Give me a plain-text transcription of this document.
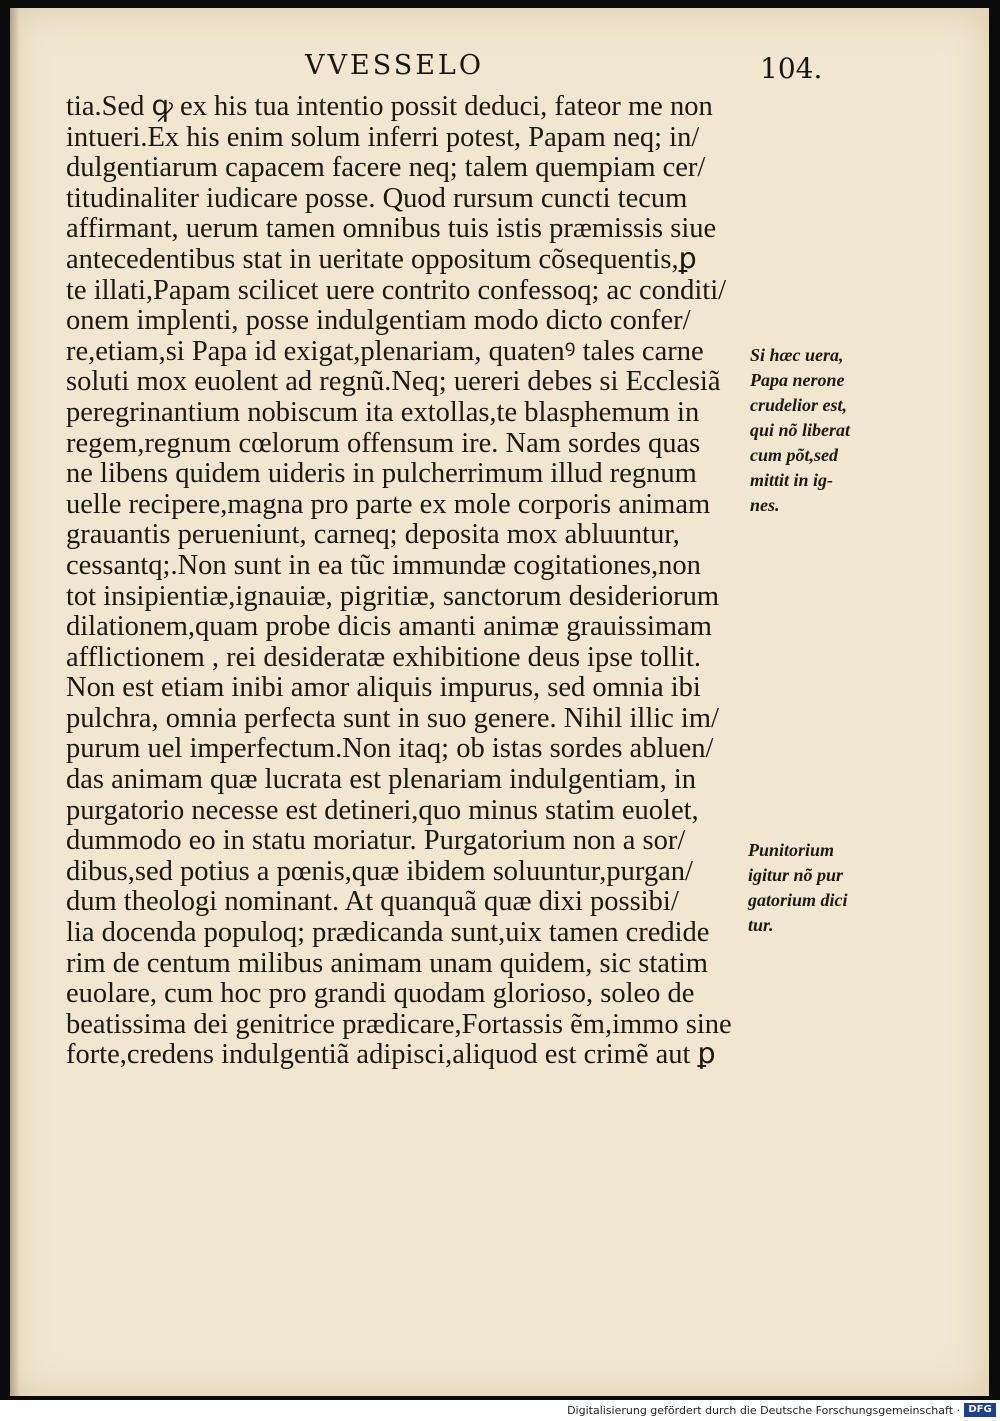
VVESSELO	104.
tia.Sed ꝙ ex his tua intentio possit deduci, fateor me non
intueri.Ex his enim solum inferri potest, Papam neq; in/
dulgentiarum capacem facere neq; talem quempiam cer/
titudinaliter iudicare posse. Quod rursum cuncti tecum
affirmant, uerum tamen omnibus tuis istis præmissis siue
antecedentibus stat in ueritate oppositum cõsequentis,ꝑ
te illati,Papam scilicet uere contrito confessoq; ac conditi/
onem implenti, posse indulgentiam modo dicto confer/
re,etiam,si Papa id exigat,plenariam, quatenꝰ tales carne
soluti mox euolent ad regnũ.Neq; uereri debes si Ecclesiã
peregrinantium nobiscum ita extollas,te blasphemum in
regem,regnum cœlorum offensum ire. Nam sordes quas
ne libens quidem uideris in pulcherrimum illud regnum
uelle recipere,magna pro parte ex mole corporis animam
grauantis perueniunt, carneq; deposita mox abluuntur,
cessantq;.Non sunt in ea tũc immundæ cogitationes,non
tot insipientiæ,ignauiæ, pigritiæ, sanctorum desideriorum
dilationem,quam probe dicis amanti animæ grauissimam
afflictionem , rei desideratæ exhibitione deus ipse tollit.
Non est etiam inibi amor aliquis impurus, sed omnia ibi
pulchra, omnia perfecta sunt in suo genere. Nihil illic im/
purum uel imperfectum.Non itaq; ob istas sordes abluen/
das animam quæ lucrata est plenariam indulgentiam, in
purgatorio necesse est detineri,quo minus statim euolet,
dummodo eo in statu moriatur. Purgatorium non a sor/
dibus,sed potius a pœnis,quæ ibidem soluuntur,purgan/
dum theologi nominant. At quanquã quæ dixi possibi/
lia docenda populoq; prædicanda sunt,uix tamen credide
rim de centum milibus animam unam quidem, sic statim
euolare, cum hoc pro grandi quodam glorioso, soleo de
beatissima dei genitrice prædicare,Fortassis ẽm,immo sine
forte,credens indulgentiã adipisci,aliquod est crimẽ aut ꝑ
Si hæc uera,
Papa nerone
crudelior est,
qui nõ liberat
cum põt,sed
mittit in ig-
nes.
Punitorium
igitur nõ pur
gatorium dici
tur.
Digitalisierung gefördert durch die Deutsche Forschungsgemeinschaft · DFG
